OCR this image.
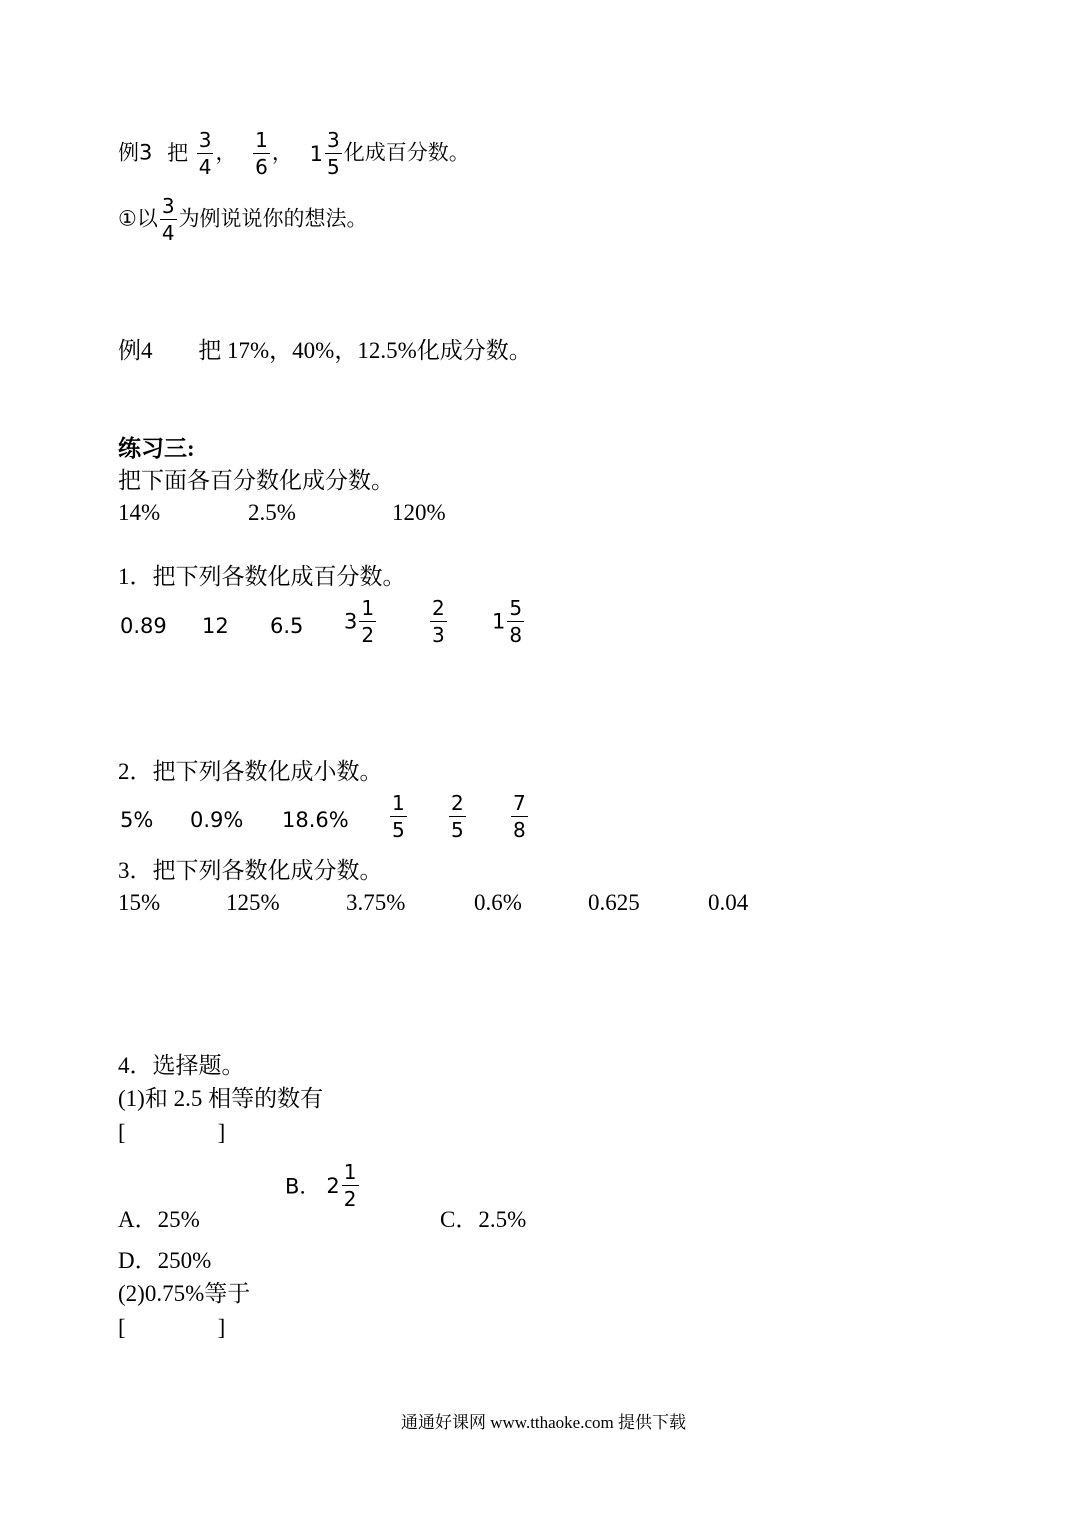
例3 把 $\frac{3}{4}$ ， $\frac{1}{6}$ ， $1 \frac{3}{5}$ 化成百分数。
①以 $\frac{3}{4}$ 为例说说你的想法。
例4 把 17%，40%，12.5%化成分数。
练习三:
把下面各百分数化成分数。
14%	2.5%	120%
1．把下列各数化成百分数。
0.89 12 6.5 $3 \frac{1}{2}$	$\frac{2}{3} 1 \frac{5}{8}$
2．把下列各数化成小数。
5% 0.9% $18.6\% \frac{1}{5} \frac{2}{5} \frac{7}{8}$
3．把下列各数化成分数。
15%	125%	3.75%	0.6%	0.625	0.04
4．选择题。
(1)和 2.5 相等的数有
[　　　　]
A．25%
B． $2 \frac{1}{2}$
C．2.5%
D．250%
(2)0.75%等于
[　　　　]
通通好课网 www.tthaoke.com 提供下载
